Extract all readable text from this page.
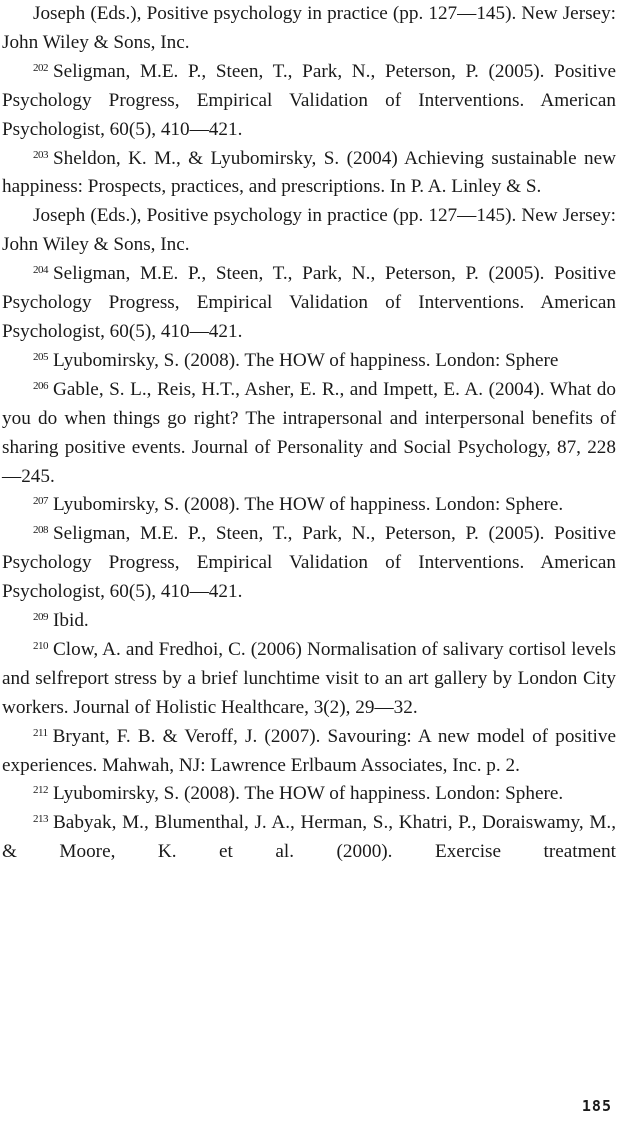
Joseph (Eds.), Positive psychology in practice (pp. 127—145). New Jersey: John Wiley & Sons, Inc.

$^{202}$ Seligman, M.E. P., Steen, T., Park, N., Peterson, P. (2005). Positive Psychology Progress, Empirical Validation of Interventions. American Psychologist, 60(5), 410—421.

$^{203}$ Sheldon, K. M., & Lyubomirsky, S. (2004) Achieving sustainable new happiness: Prospects, practices, and prescriptions. In P. A. Linley & S.

Joseph (Eds.), Positive psychology in practice (pp. 127—145). New Jersey: John Wiley & Sons, Inc.

$^{204}$ Seligman, M.E. P., Steen, T., Park, N., Peterson, P. (2005). Positive Psychology Progress, Empirical Validation of Interventions. American Psychologist, 60(5), 410—421.

$^{205}$ Lyubomirsky, S. (2008). The HOW of happiness. London: Sphere

$^{206}$ Gable, S. L., Reis, H.T., Asher, E. R., and Impett, E. A. (2004). What do you do when things go right? The intrapersonal and interpersonal benefits of sharing positive events. Journal of Personality and Social Psychology, 87, 228—245.

$^{207}$ Lyubomirsky, S. (2008). The HOW of happiness. London: Sphere.

$^{208}$ Seligman, M.E. P., Steen, T., Park, N., Peterson, P. (2005). Positive Psychology Progress, Empirical Validation of Interventions. American Psychologist, 60(5), 410—421.

$^{209}$ Ibid.

$^{210}$ Clow, A. and Fredhoi, C. (2006) Normalisation of salivary cortisol levels and selfreport stress by a brief lunchtime visit to an art gallery by London City workers. Journal of Holistic Healthcare, 3(2), 29—32.

$^{211}$ Bryant, F. B. & Veroff, J. (2007). Savouring: A new model of positive experiences. Mahwah, NJ: Lawrence Erlbaum Associates, Inc. p. 2.

$^{212}$ Lyubomirsky, S. (2008). The HOW of happiness. London: Sphere.

$^{213}$ Babyak, M., Blumenthal, J. A., Herman, S., Khatri, P., Doraiswamy, M., & Moore, K. et al. (2000). Exercise treatment

185
